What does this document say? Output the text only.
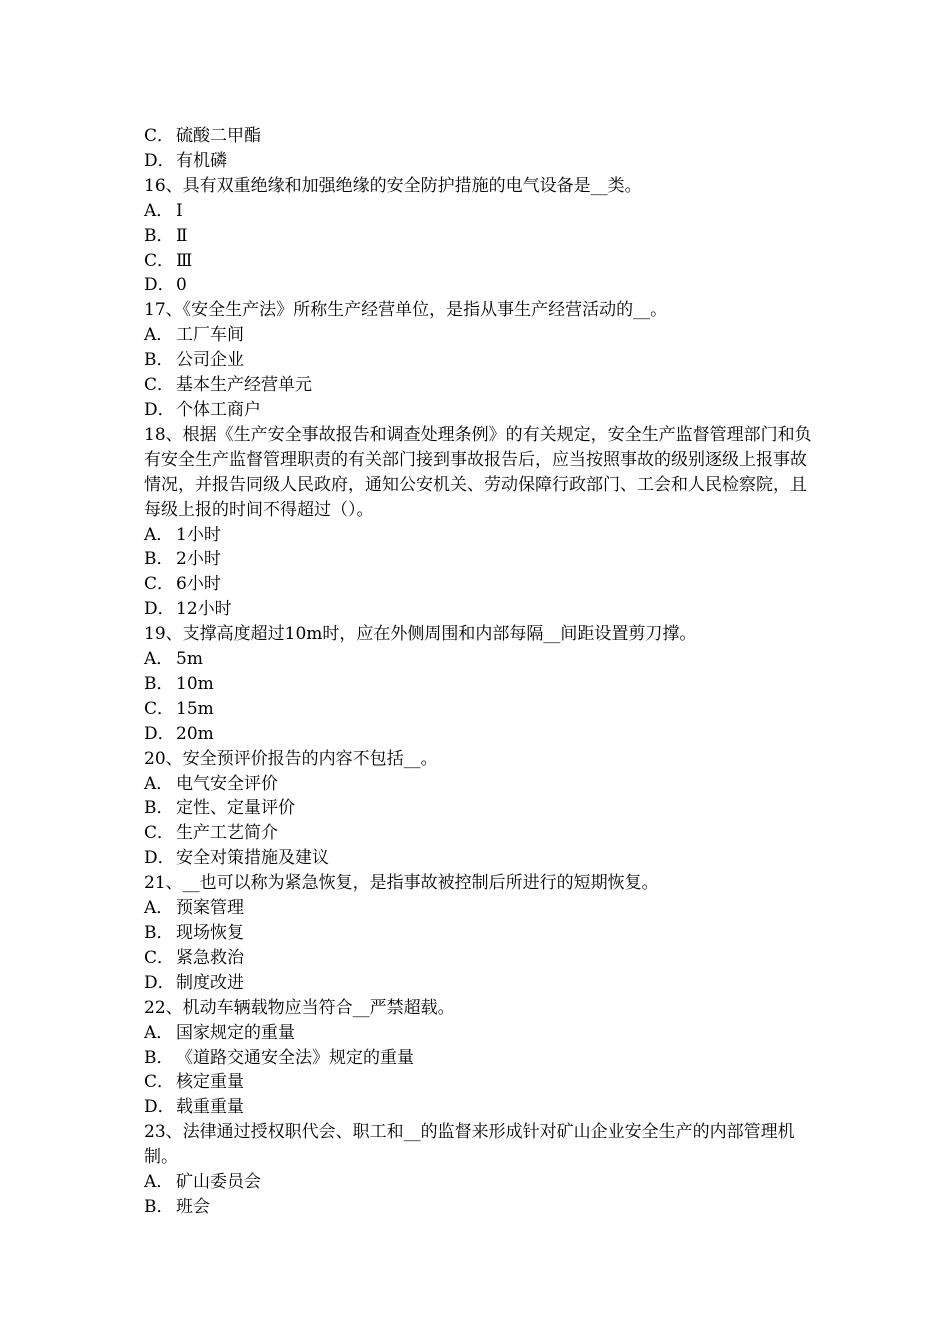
C． 硫酸二甲酯

D．有机磷

16、具有双重绝缘和加强绝缘的安全防护措施的电气设备是__类。

A． Ⅰ

B． Ⅱ

C． Ⅲ

D．0

17、《安全生产法》所称生产经营单位，是指从事生产经营活动的__。

A． 工厂车间

B． 公司企业

C． 基本生产经营单元

D．个体工商户

18、根据《生产安全事故报告和调查处理条例》的有关规定，安全生产监督管理部门和负有安全生产监督管理职责的有关部门接到事故报告后，应当按照事故的级别逐级上报事故情况，并报告同级人民政府，通知公安机关、劳动保障行政部门、工会和人民检察院，且每级上报的时间不得超过（）。

A． 1小时

B． 2小时

C． 6小时

D．12小时

19、支撑高度超过10m时，应在外侧周围和内部每隔__间距设置剪刀撑。

A． 5m

B． 10m

C． 15m

D．20m

20、安全预评价报告的内容不包括__。

A． 电气安全评价

B． 定性、定量评价

C． 生产工艺简介

D．安全对策措施及建议

21、__也可以称为紧急恢复，是指事故被控制后所进行的短期恢复。

A． 预案管理

B． 现场恢复

C． 紧急救治

D．制度改进

22、机动车辆载物应当符合__严禁超载。

A． 国家规定的重量

B． 《道路交通安全法》规定的重量

C． 核定重量

D．载重重量

23、法律通过授权职代会、职工和__的监督来形成针对矿山企业安全生产的内部管理机制。

A． 矿山委员会

B． 班会
